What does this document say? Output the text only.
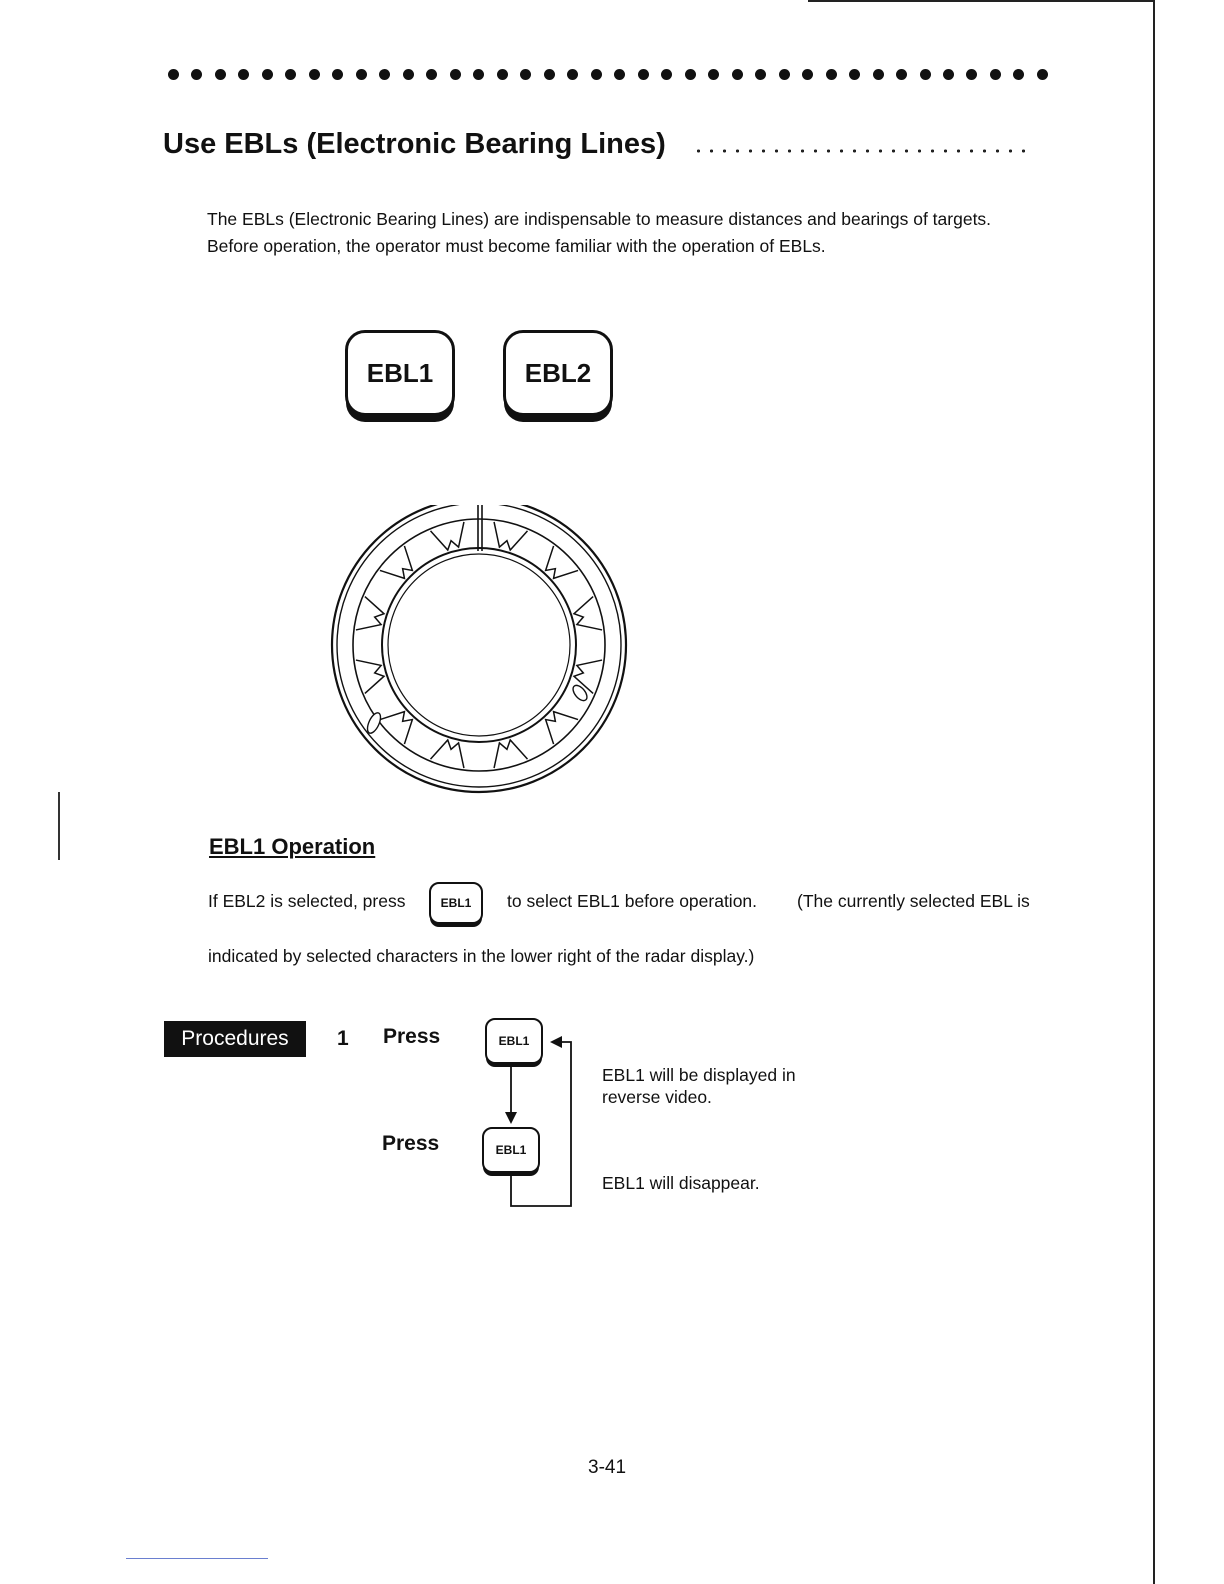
Use EBLs (Electronic Bearing Lines)

The EBLs (Electronic Bearing Lines) are indispensable to measure distances and bearings of targets.

Before operation, the operator must become familiar with the operation of EBLs.

EBL1	EBL2
EBL1 Operation
If EBL2 is selected, press	EBL1	to select EBL1 before operation. (The currently selected EBL is
indicated by selected characters in the lower right of the radar display.)
Procedures	1 Press
Press
EBL1
EBL1
EBL1 will be displayed in reverse video.
EBL1 will disappear.
3-41
